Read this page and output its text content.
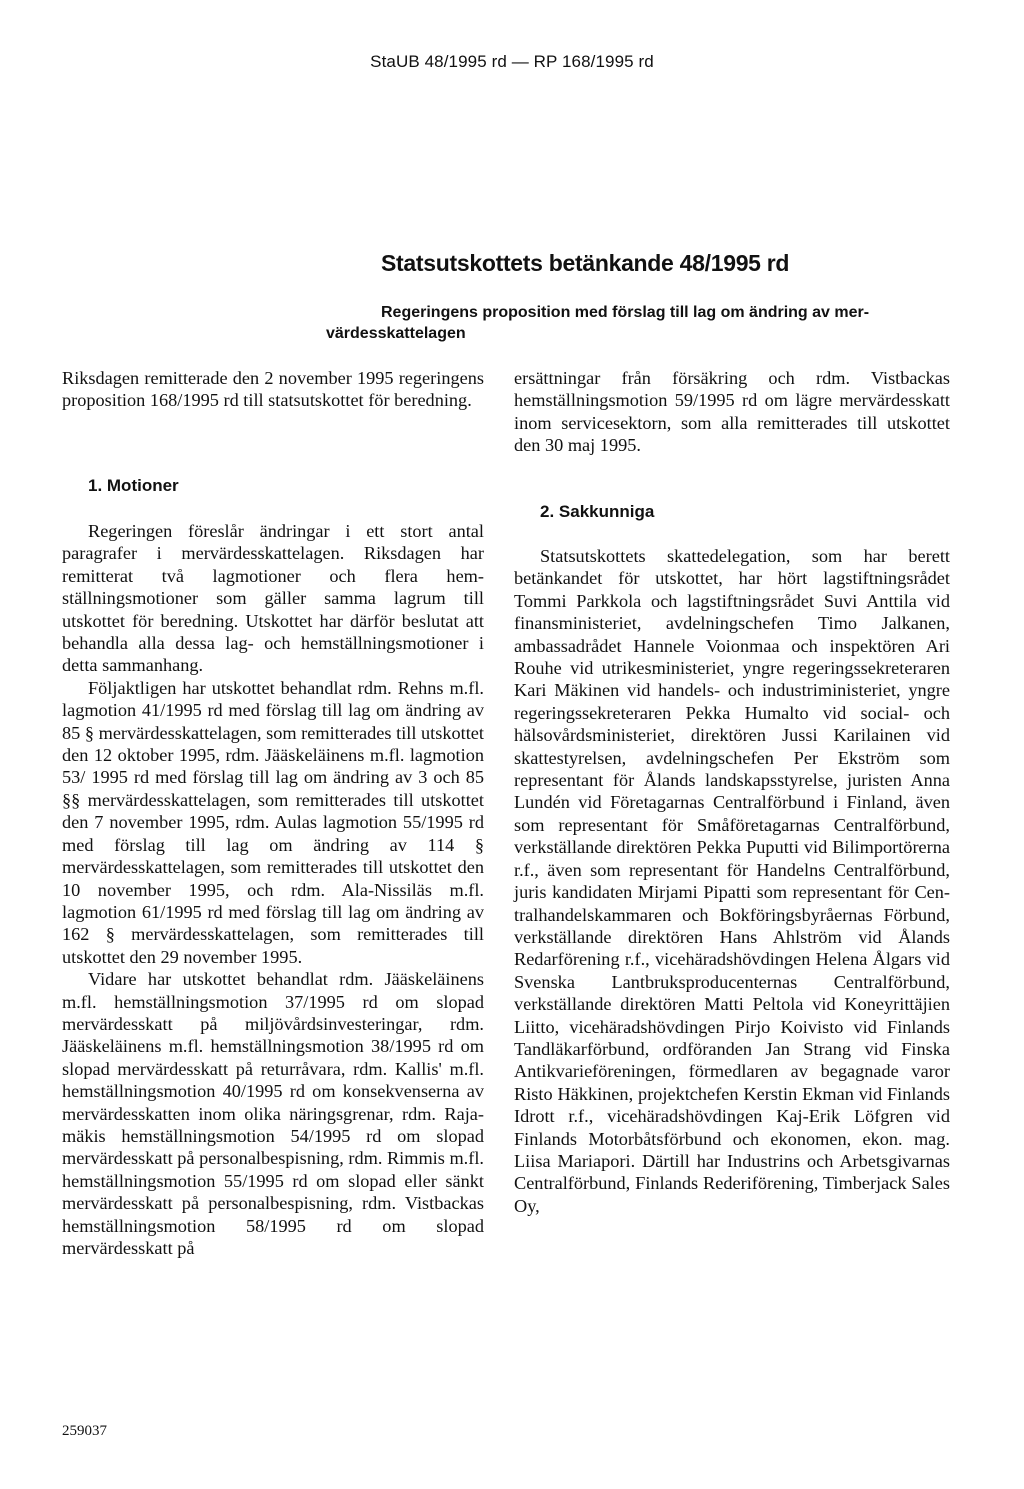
StaUB 48/1995 rd — RP 168/1995 rd
Statsutskottets betänkande 48/1995 rd
Regeringens proposition med förslag till lag om ändring av mer-
värdesskattelagen

Riksdagen remitterade den 2 november 1995 regeringens proposition 168/1995 rd till statsutskottet för beredning.

ersättningar från försäkring och rdm. Vistbackas hemställningsmotion 59/1995 rd om lägre mervärdesskatt inom servicesektorn, som alla remitterades till utskottet den 30 maj 1995.

1. Motioner

Regeringen föreslår ändringar i ett stort antal paragrafer i mervärdesskattelagen. Riksdagen har remitterat två lagmotioner och flera hemställningsmotioner som gäller samma lagrum till utskottet för beredning. Utskottet har därför beslutat att behandla alla dessa lag- och hemställningsmotioner i detta sammanhang.

Följaktligen har utskottet behandlat rdm. Rehns m.fl. lagmotion 41/1995 rd med förslag till lag om ändring av 85 § mervärdesskattelagen, som remitterades till utskottet den 12 oktober 1995, rdm. Jääskeläinens m.fl. lagmotion 53/ 1995 rd med förslag till lag om ändring av 3 och 85 §§ mervärdesskattelagen, som remitterades till utskottet den 7 november 1995, rdm. Aulas lagmotion 55/1995 rd med förslag till lag om ändring av 114 § mervärdesskattelagen, som remitterades till utskottet den 10 november 1995, och rdm. Ala-Nissiläs m.fl. lagmotion 61/1995 rd med förslag till lag om ändring av 162 § mervärdesskattelagen, som remitterades till utskottet den 29 november 1995.

Vidare har utskottet behandlat rdm. Jääskeläinens m.fl. hemställningsmotion 37/1995 rd om slopad mervärdesskatt på miljövårdsinvesteringar, rdm. Jääskeläinens m.fl. hemställningsmotion 38/1995 rd om slopad mervärdesskatt på returråvara, rdm. Kallis' m.fl. hemställningsmotion 40/1995 rd om konsekvenserna av mervärdesskatten inom olika näringsgrenar, rdm. Rajamäkis hemställningsmotion 54/1995 rd om slopad mervärdesskatt på personalbespisning, rdm. Rimmis m.fl. hemställningsmotion 55/1995 rd om slopad eller sänkt mervärdesskatt på personalbespisning, rdm. Vistbackas hemställningsmotion 58/1995 rd om slopad mervärdesskatt på

2. Sakkunniga

Statsutskottets skattedelegation, som har berett betänkandet för utskottet, har hört lagstiftningsrådet Tommi Parkkola och lagstiftningsrådet Suvi Anttila vid finansministeriet, avdelningschefen Timo Jalkanen, ambassadrådet Hannele Voionmaa och inspektören Ari Rouhe vid utrikesministeriet, yngre regeringssekreteraren Kari Mäkinen vid handels- och industriministeriet, yngre regeringssekreteraren Pekka Humalto vid social- och hälsovårdsministeriet, direktören Jussi Karilainen vid skattestyrelsen, avdelningschefen Per Ekström som representant för Ålands landskapsstyrelse, juristen Anna Lundén vid Företagarnas Centralförbund i Finland, även som representant för Småföretagarnas Centralförbund, verkställande direktören Pekka Puputti vid Bilimportörerna r.f., även som representant för Handelns Centralförbund, juris kandidaten Mirjami Pipatti som representant för Centralhandelskammaren och Bokföringsbyråernas Förbund, verkställande direktören Hans Ahlström vid Ålands Redarförening r.f., vicehäradshövdingen Helena Ålgars vid Svenska Lantbruksproducenternas Centralförbund, verkställande direktören Matti Peltola vid Koneyrittäjien Liitto, vicehäradshövdingen Pirjo Koivisto vid Finlands Tandläkarförbund, ordföranden Jan Strang vid Finska Antikvarieföreningen, förmedlaren av begagnade varor Risto Häkkinen, projektchefen Kerstin Ekman vid Finlands Idrott r.f., vicehäradshövdingen Kaj-Erik Löfgren vid Finlands Motorbåtsförbund och ekonomen, ekon. mag. Liisa Mariapori. Därtill har Industrins och Arbetsgivarnas Centralförbund, Finlands Rederiförening, Timberjack Sales Oy,

259037
